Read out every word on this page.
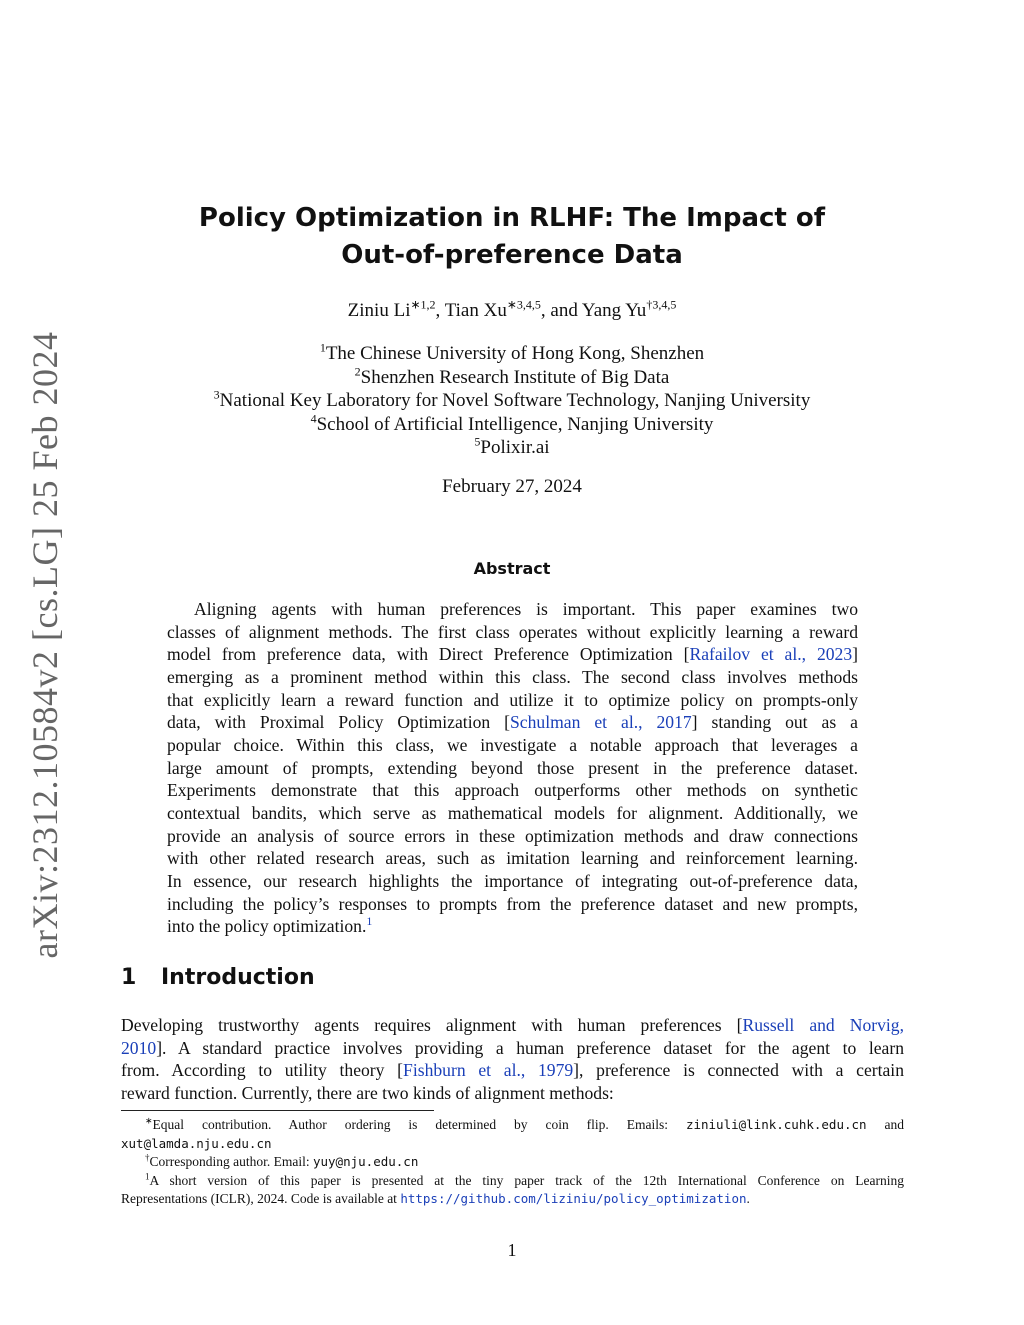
arXiv:2312.10584v2 [cs.LG] 25 Feb 2024
Policy Optimization in RLHF: The Impact of
Out-of-preference Data
Ziniu $Li^{∗1,2}$, Tian $Xu^{∗3,4,5}$, and Yang Yu$^{\dagger 3,4,5}$
$^1$The Chinese University of Hong Kong, Shenzhen
$^2$Shenzhen Research Institute of Big Data
$^3$National Key Laboratory for Novel Software Technology, Nanjing University
$^4$School of Artificial Intelligence, Nanjing University
$^5$Polixir.ai
February 27, 2024
Abstract
Aligning agents with human preferences is important. This paper examines two
classes of alignment methods. The first class operates without explicitly learning a reward
model from preference data, with Direct Preference Optimization [Rafailov et al., 2023]
emerging as a prominent method within this class. The second class involves methods
that explicitly learn a reward function and utilize it to optimize policy on prompts-only
data, with Proximal Policy Optimization [Schulman et al., 2017] standing out as a
popular choice. Within this class, we investigate a notable approach that leverages a
large amount of prompts, extending beyond those present in the preference dataset.
Experiments demonstrate that this approach outperforms other methods on synthetic
contextual bandits, which serve as mathematical models for alignment. Additionally, we
provide an analysis of source errors in these optimization methods and draw connections
with other related research areas, such as imitation learning and reinforcement learning.
In essence, our research highlights the importance of integrating out-of-preference data,
including the policy’s responses to prompts from the preference dataset and new prompts,
into the policy optimization.$^1$
1 Introduction
Developing trustworthy agents requires alignment with human preferences [Russell and Norvig,
2010]. A standard practice involves providing a human preference dataset for the agent to learn
from. According to utility theory [Fishburn et al., 1979], preference is connected with a certain
reward function. Currently, there are two kinds of alignment methods:
∗Equal contribution. Author ordering is determined by coin flip. Emails: ziniuli@link.cuhk.edu.cn and
xut@lamda.nju.edu.cn
†Corresponding author. Email: yuy@nju.edu.cn
$^1$A short version of this paper is presented at the tiny paper track of the 12th International Conference on Learning
Representations (ICLR), 2024. Code is available at https://github.com/liziniu/policy_optimization.
1
